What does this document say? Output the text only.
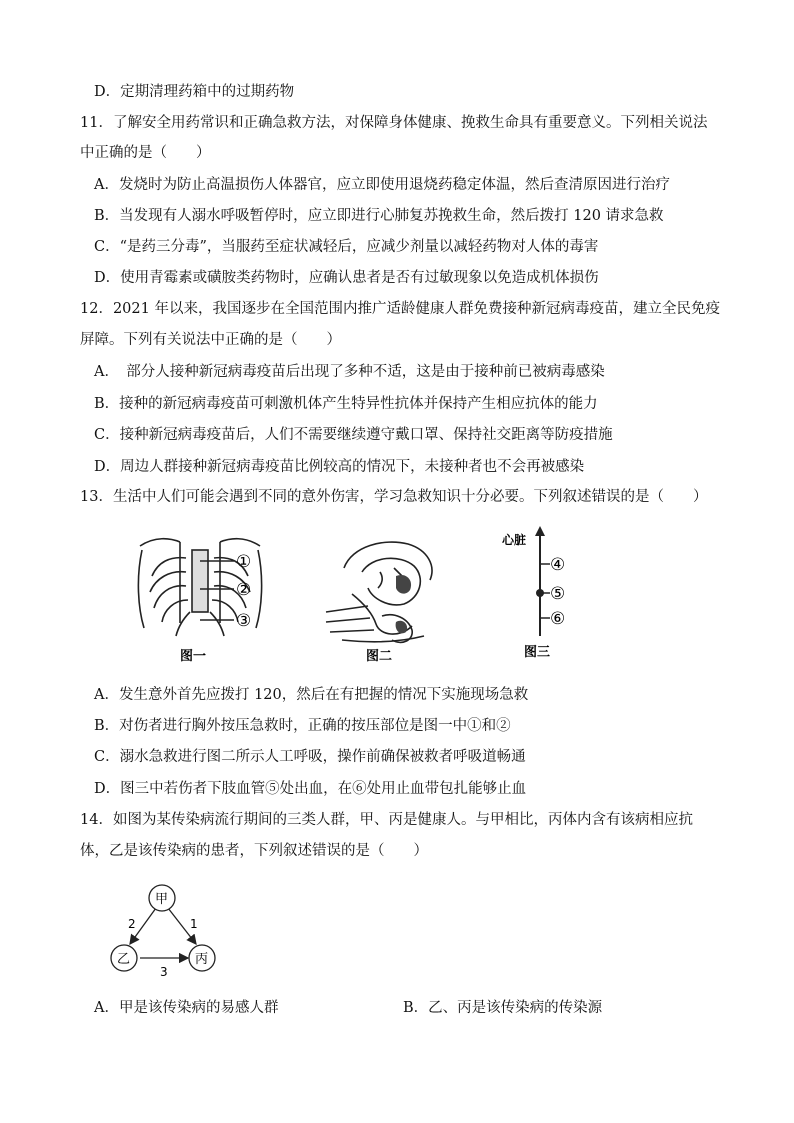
D．定期清理药箱中的过期药物
11．了解安全用药常识和正确急救方法，对保障身体健康、挽救生命具有重要意义。下列相关说法
中正确的是（　　）
A．发烧时为防止高温损伤人体器官，应立即使用退烧药稳定体温，然后查清原因进行治疗
B．当发现有人溺水呼吸暂停时，应立即进行心肺复苏挽救生命，然后拨打 120 请求急救
C．“是药三分毒”，当服药至症状减轻后，应减少剂量以减轻药物对人体的毒害
D．使用青霉素或磺胺类药物时，应确认患者是否有过敏现象以免造成机体损伤
12．2021 年以来，我国逐步在全国范围内推广适龄健康人群免费接种新冠病毒疫苗，建立全民免疫
屏障。下列有关说法中正确的是（　　）
A．　部分人接种新冠病毒疫苗后出现了多种不适，这是由于接种前已被病毒感染
B．接种的新冠病毒疫苗可刺激机体产生特异性抗体并保持产生相应抗体的能力
C．接种新冠病毒疫苗后，人们不需要继续遵守戴口罩、保持社交距离等防疫措施
D．周边人群接种新冠病毒疫苗比例较高的情况下，未接种者也不会再被感染
13．生活中人们可能会遇到不同的意外伤害，学习急救知识十分必要。下列叙述错误的是（　　）
①
②
③
图一	图二
心脏
④
⑤
⑥
图三
A．发生意外首先应拨打 120，然后在有把握的情况下实施现场急救
B．对伤者进行胸外按压急救时，正确的按压部位是图一中①和②
C．溺水急救进行图二所示人工呼吸，操作前确保被救者呼吸道畅通
D．图三中若伤者下肢血管⑤处出血，在⑥处用止血带包扎能够止血
14．如图为某传染病流行期间的三类人群，甲、丙是健康人。与甲相比，丙体内含有该病相应抗
体，乙是该传染病的患者，下列叙述错误的是（　　）
甲
乙	丙
2	1
3
A．甲是该传染病的易感人群	B．乙、丙是该传染病的传染源
